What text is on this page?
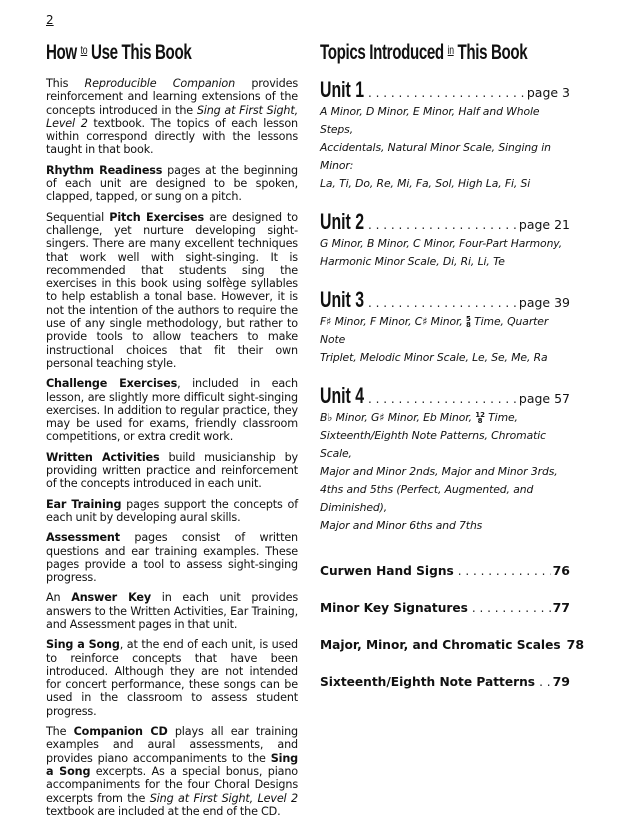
2
How $^{to}$ Use This Book

This Reproducible Companion provides reinforcement and learning extensions of the concepts introduced in the Sing at First Sight, Level 2 textbook. The topics of each lesson within correspond directly with the lessons taught in that book.

Rhythm Readiness pages at the beginning of each unit are designed to be spoken, clapped, tapped, or sung on a pitch.

Sequential Pitch Exercises are designed to challenge, yet nurture developing sight-singers. There are many excellent techniques that work well with sight-singing. It is recommended that students sing the exercises in this book using solfège syllables to help establish a tonal base. However, it is not the intention of the authors to require the use of any single methodology, but rather to provide tools to allow teachers to make instructional choices that fit their own personal teaching style.

Challenge Exercises, included in each lesson, are slightly more difficult sight-singing exercises. In addition to regular practice, they may be used for exams, friendly classroom competitions, or extra credit work.

Written Activities build musicianship by providing written practice and reinforcement of the concepts introduced in each unit.

Ear Training pages support the concepts of each unit by developing aural skills.

Assessment pages consist of written questions and ear training examples. These pages provide a tool to assess sight-singing progress.

An Answer Key in each unit provides answers to the Written Activities, Ear Training, and Assessment pages in that unit.

Sing a Song, at the end of each unit, is used to reinforce concepts that have been introduced. Although they are not intended for concert performance, these songs can be used in the classroom to assess student progress.

The Companion CD plays all ear training examples and aural assessments, and provides piano accompaniments to the Sing a Song excerpts. As a special bonus, piano accompaniments for the four Choral Designs excerpts from the Sing at First Sight, Level 2 textbook are included at the end of the CD.

Topics Introduced $^{in}$ This Book
Unit 1 . . .	page 3
A Minor, D Minor, E Minor, Half and Whole Steps,
Accidentals, Natural Minor Scale, Singing in Minor:
La, Ti, Do, Re, Mi, Fa, Sol, High La, Fi, Si
Unit 2 . . .	page 21
G Minor, B Minor, C Minor, Four-Part Harmony,
Harmonic Minor Scale, Di, Ri, Li, Te
Unit 3 . . .	page 39
F♯ Minor, F Minor, C♯ Minor, 5
8 Time, Quarter Note
Triplet, Melodic Minor Scale, Le, Se, Me, Ra
Unit 4 . . .	page 57
B♭ Minor, G♯ Minor, Eb Minor, 12
8 Time,
Sixteenth/Eighth Note Patterns, Chromatic Scale,
Major and Minor 2nds, Major and Minor 3rds,
4ths and 5ths (Perfect, Augmented, and Diminished),
Major and Minor 6ths and 7ths
Curwen Hand Signs . . .	76
Minor Key Signatures . . .	77
Major, Minor, and Chromatic Scales 78
Sixteenth/Eighth Note Patterns . . . 79
